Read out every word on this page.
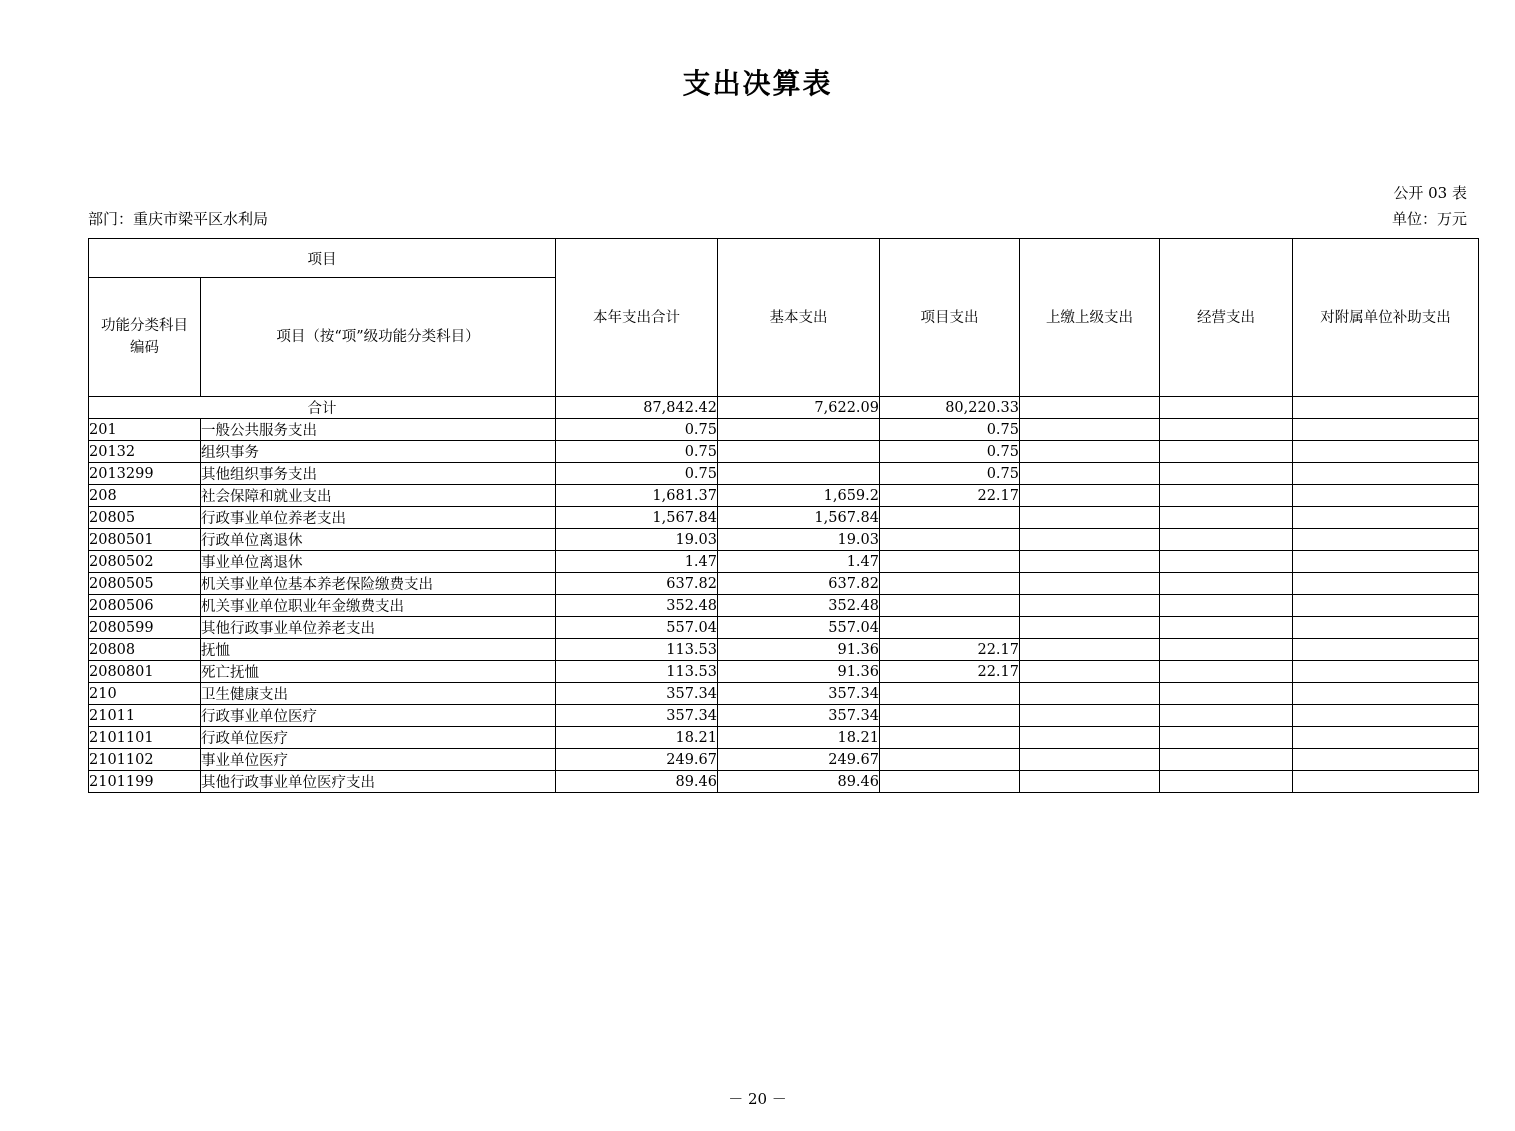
支出决算表
公开 03 表
单位：万元
部门：重庆市梁平区水利局
项目		本年支出合计	基本支出	项目支出	上缴上级支出	经营支出	对附属单位补助支出

功能分类科目
编码	项目（按“项”级功能分类科目）						
合计		87,842.42	7,622.09	80,220.33			
201	一般公共服务支出	0.75		0.75			
20132	组织事务	0.75		0.75			
2013299	其他组织事务支出	0.75		0.75			
208	社会保障和就业支出	1,681.37	1,659.2	22.17			
20805	行政事业单位养老支出	1,567.84	1,567.84				
2080501	行政单位离退休	19.03	19.03				
2080502	事业单位离退休	1.47	1.47				
2080505	机关事业单位基本养老保险缴费支出	637.82	637.82				
2080506	机关事业单位职业年金缴费支出	352.48	352.48				
2080599	其他行政事业单位养老支出	557.04	557.04				
20808	抚恤	113.53	91.36	22.17			
2080801	死亡抚恤	113.53	91.36	22.17			
210	卫生健康支出	357.34	357.34				
21011	行政事业单位医疗	357.34	357.34				
2101101	行政单位医疗	18.21	18.21				
2101102	事业单位医疗	249.67	249.67				
2101199	其他行政事业单位医疗支出	89.46	89.46				
－ 20 －
